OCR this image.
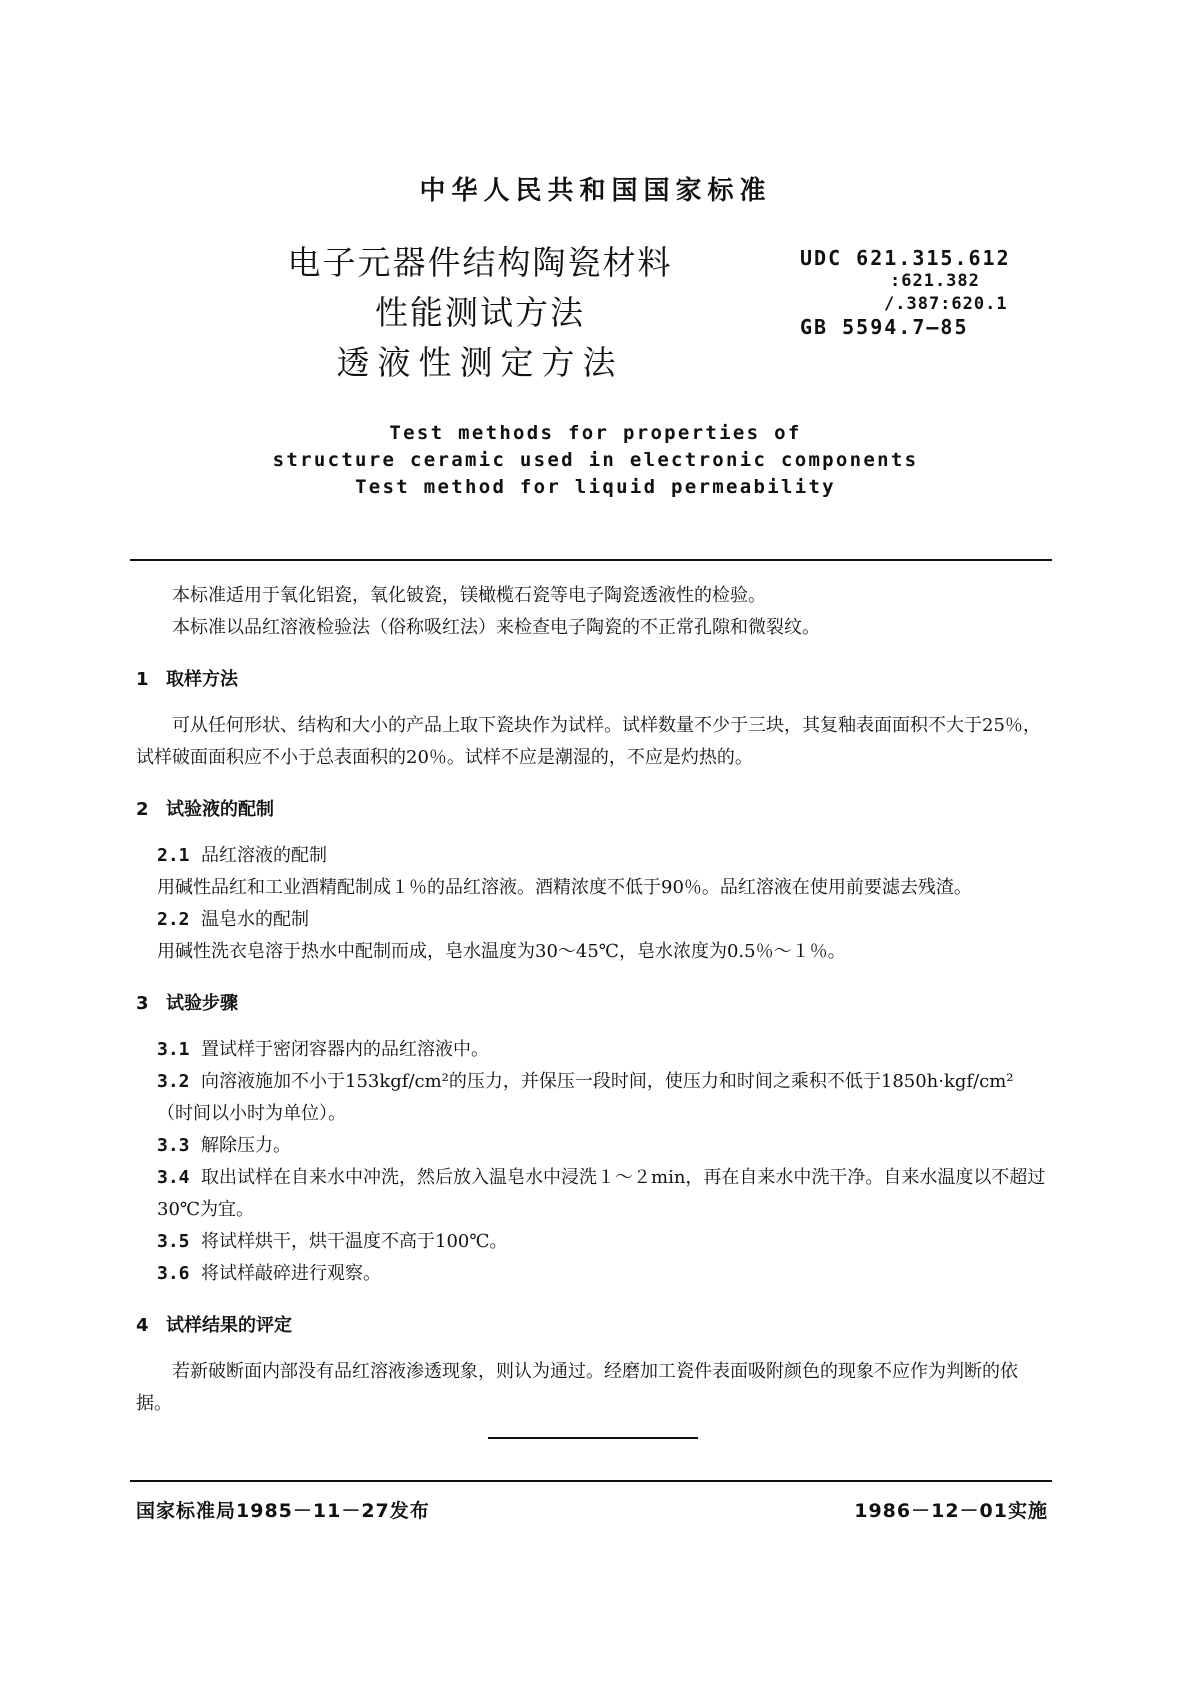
中华人民共和国国家标准
电子元器件结构陶瓷材料
性能测试方法
透液性测定方法
UDC 621.315.612
:621.382
/.387:620.1
GB 5594.7—85
Test methods for properties of
structure ceramic used in electronic components
Test method for liquid permeability

本标准适用于氧化铝瓷，氧化铍瓷，镁橄榄石瓷等电子陶瓷透液性的检验。

本标准以品红溶液检验法（俗称吸红法）来检查电子陶瓷的不正常孔隙和微裂纹。

1 取样方法

可从任何形状、结构和大小的产品上取下瓷块作为试样。试样数量不少于三块，其复釉表面面积不大于25％，试样破面面积应不小于总表面积的20％。试样不应是潮湿的，不应是灼热的。

2 试验液的配制

2.1 品红溶液的配制

用碱性品红和工业酒精配制成１％的品红溶液。酒精浓度不低于90％。品红溶液在使用前要滤去残渣。

2.2 温皂水的配制

用碱性洗衣皂溶于热水中配制而成，皂水温度为30～45℃，皂水浓度为0.5％～１％。

3 试验步骤

3.1 置试样于密闭容器内的品红溶液中。

3.2 向溶液施加不小于153kgf/cm²的压力，并保压一段时间，使压力和时间之乘积不低于1850h·kgf/cm²（时间以小时为单位）。

3.3 解除压力。

3.4 取出试样在自来水中冲洗，然后放入温皂水中浸洗１～２min，再在自来水中洗干净。自来水温度以不超过30℃为宜。

3.5 将试样烘干，烘干温度不高于100℃。

3.6 将试样敲碎进行观察。

4 试样结果的评定

若新破断面内部没有品红溶液渗透现象，则认为通过。经磨加工瓷件表面吸附颜色的现象不应作为判断的依据。

国家标准局1985－11－27发布	1986－12－01实施
